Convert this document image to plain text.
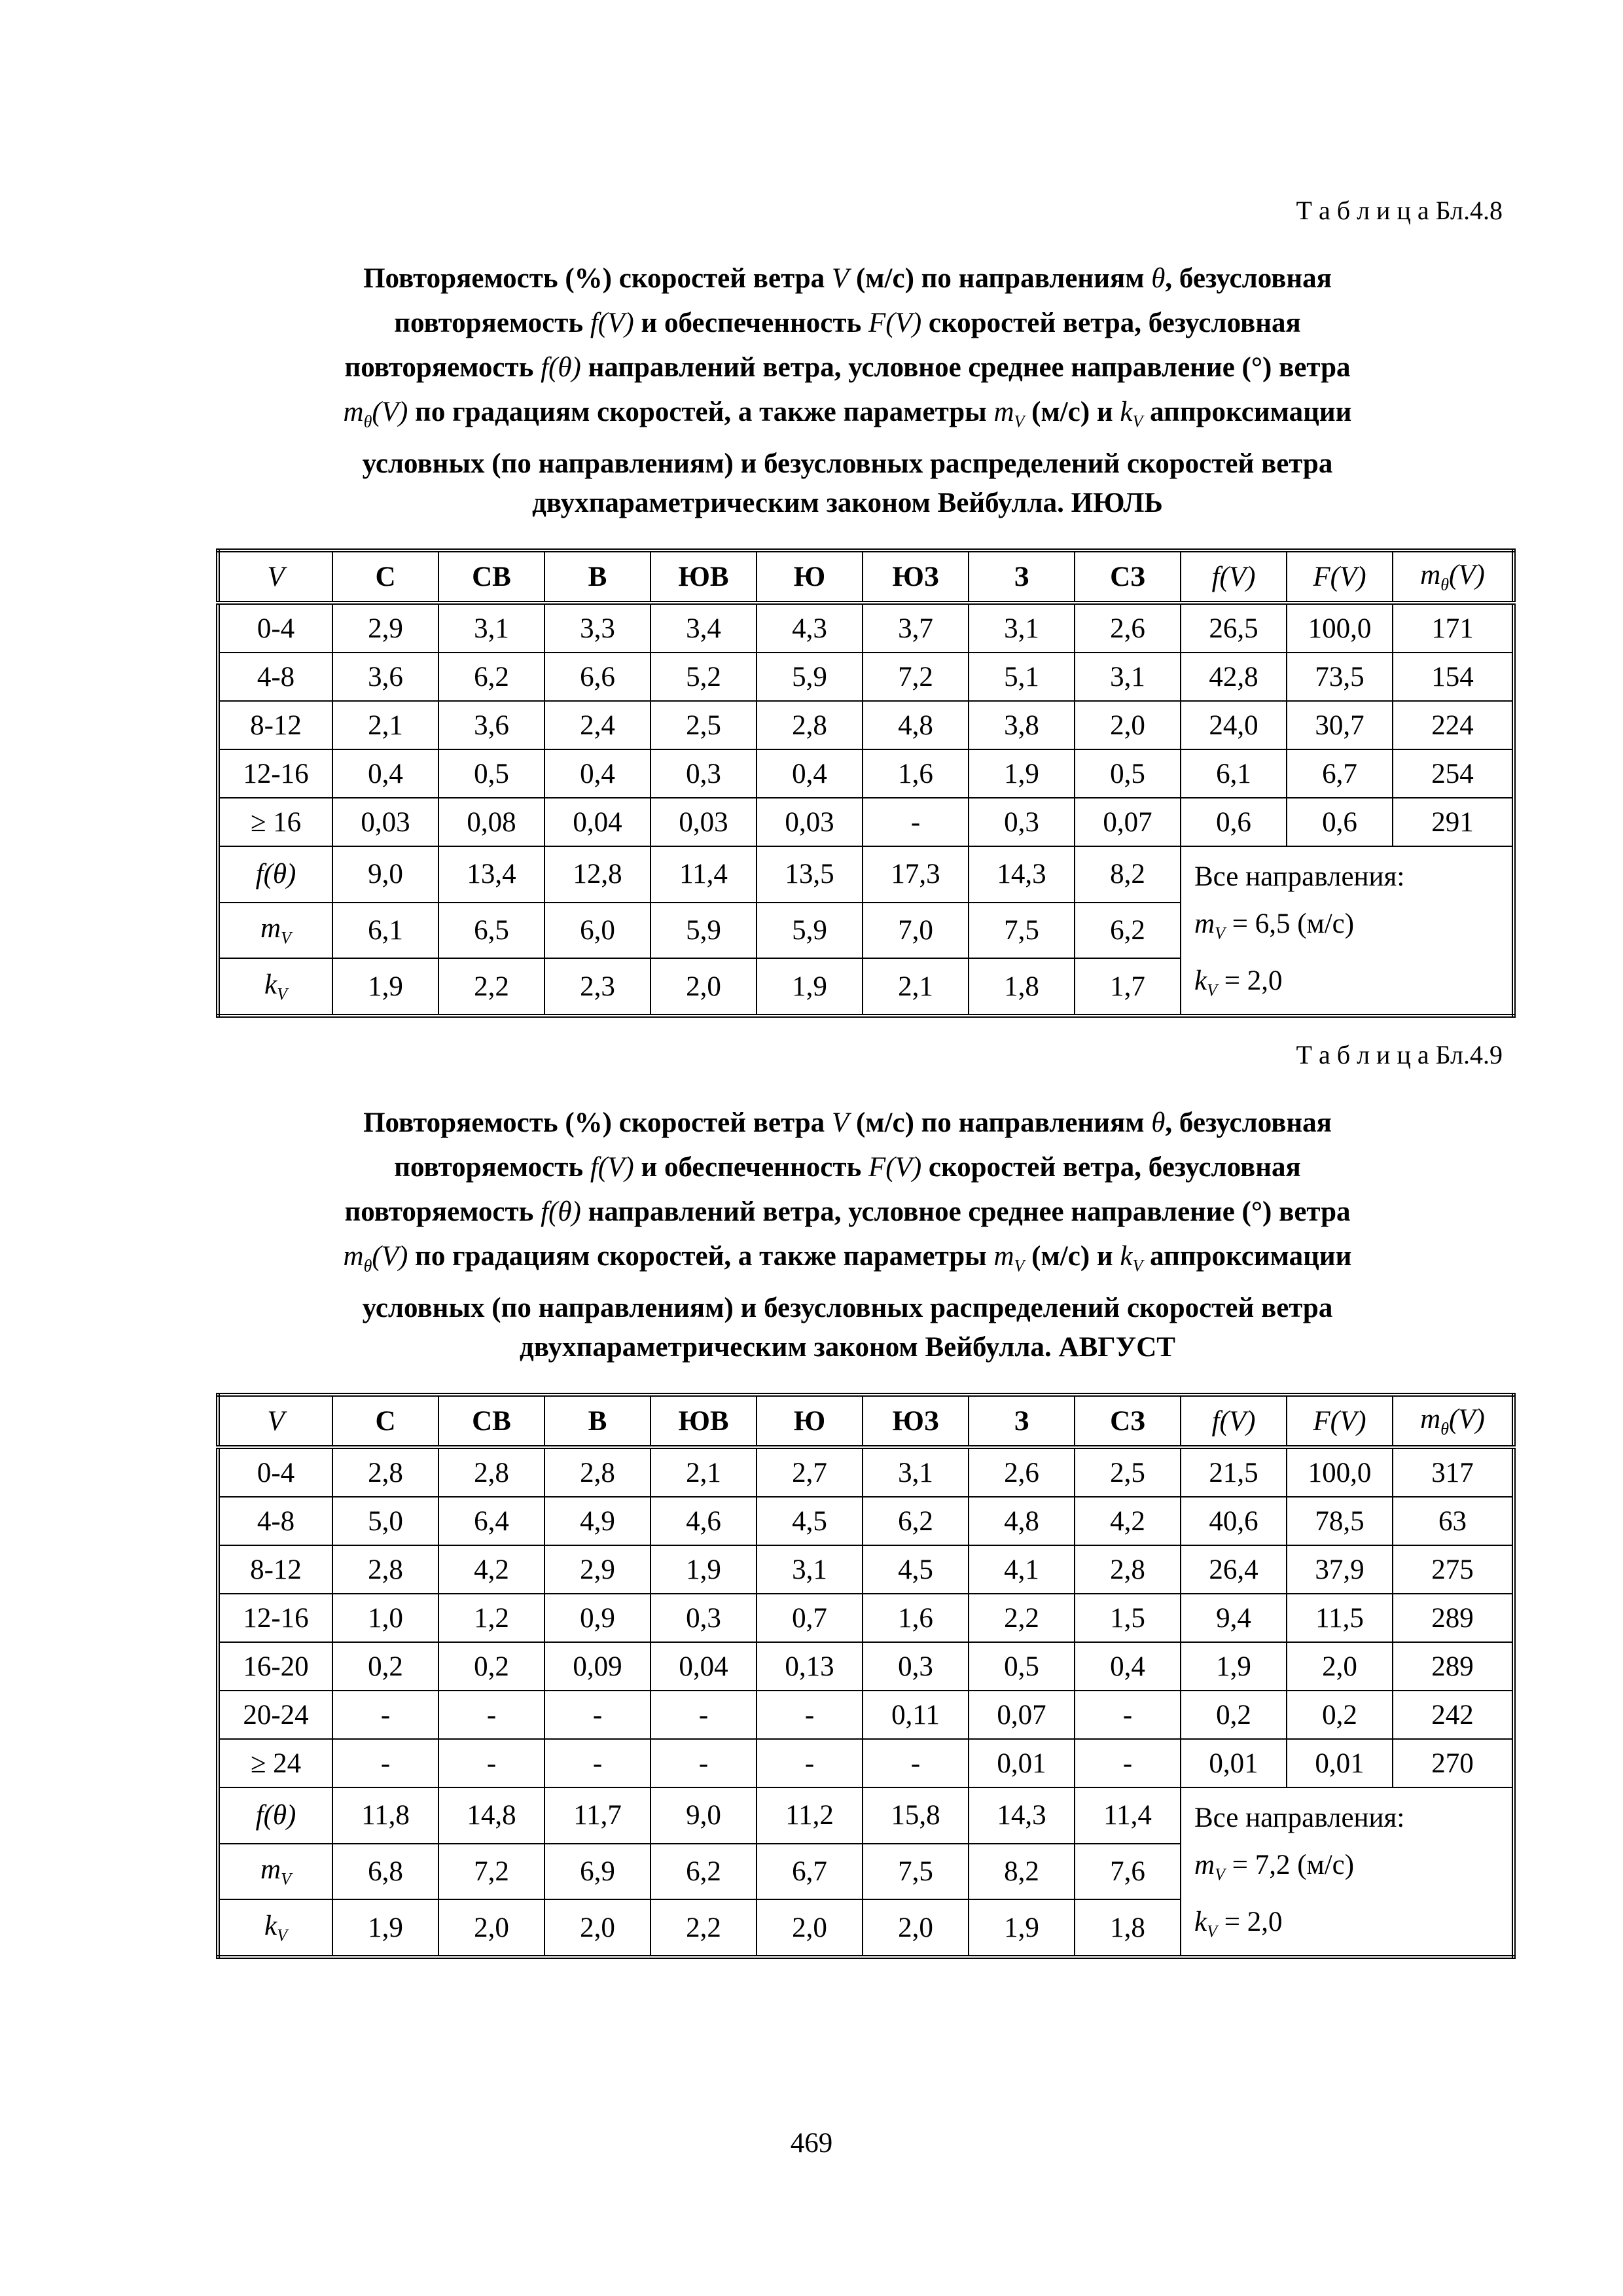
Т а б л и ц а Бл.4.8
Повторяемость (%) скоростей ветра V (м/с) по направлениям θ, безусловная
повторяемость f(V) и обеспеченность F(V) скоростей ветра, безусловная
повторяемость f(θ) направлений ветра, условное среднее направление (°) ветра
$m_\theta(V)$ по градациям скоростей, а также параметры $m_V$ (м/с) и $k_V$ аппроксимации
условных (по направлениям) и безусловных распределений скоростей ветра
двухпараметрическим законом Вейбулла. ИЮЛЬ
V	С	СВ	В	ЮВ	Ю	ЮЗ	З	СЗ	f(V)	F(V)	$m_\theta(V)$
0-4	2,9	3,1	3,3	3,4	4,3	3,7	3,1	2,6	26,5	100,0	171
4-8	3,6	6,2	6,6	5,2	5,9	7,2	5,1	3,1	42,8	73,5	154
8-12	2,1	3,6	2,4	2,5	2,8	4,8	3,8	2,0	24,0	30,7	224
12-16	0,4	0,5	0,4	0,3	0,4	1,6	1,9	0,5	6,1	6,7	254
≥ 16	0,03	0,08	0,04	0,03	0,03	-	0,3	0,07	0,6	0,6	291
f(θ)	9,0	13,4	12,8	11,4	13,5	17,3	14,3	8,2	Все направления:
$m_V = 6,5$ (м/с)
$k_V = 2,0$		

$m_V$	6,1	6,5	6,0	5,9	5,9	7,0	7,5	6,2			
$k_V$	1,9	2,2	2,3	2,0	1,9	2,1	1,8	1,7			
Т а б л и ц а Бл.4.9
Повторяемость (%) скоростей ветра V (м/с) по направлениям θ, безусловная
повторяемость f(V) и обеспеченность F(V) скоростей ветра, безусловная
повторяемость f(θ) направлений ветра, условное среднее направление (°) ветра
$m_\theta(V)$ по градациям скоростей, а также параметры $m_V$ (м/с) и $k_V$ аппроксимации
условных (по направлениям) и безусловных распределений скоростей ветра
двухпараметрическим законом Вейбулла. АВГУСТ
V	С	СВ	В	ЮВ	Ю	ЮЗ	З	СЗ	f(V)	F(V)	$m_\theta(V)$
0-4	2,8	2,8	2,8	2,1	2,7	3,1	2,6	2,5	21,5	100,0	317
4-8	5,0	6,4	4,9	4,6	4,5	6,2	4,8	4,2	40,6	78,5	63
8-12	2,8	4,2	2,9	1,9	3,1	4,5	4,1	2,8	26,4	37,9	275
12-16	1,0	1,2	0,9	0,3	0,7	1,6	2,2	1,5	9,4	11,5	289
16-20	0,2	0,2	0,09	0,04	0,13	0,3	0,5	0,4	1,9	2,0	289
20-24	-	-	-	-	-	0,11	0,07	-	0,2	0,2	242
≥ 24	-	-	-	-	-	-	0,01	-	0,01	0,01	270
f(θ)	11,8	14,8	11,7	9,0	11,2	15,8	14,3	11,4	Все направления:
$m_V = 7,2$ (м/с)
$k_V = 2,0$		

$m_V$	6,8	7,2	6,9	6,2	6,7	7,5	8,2	7,6			
$k_V$	1,9	2,0	2,0	2,2	2,0	2,0	1,9	1,8			
469
